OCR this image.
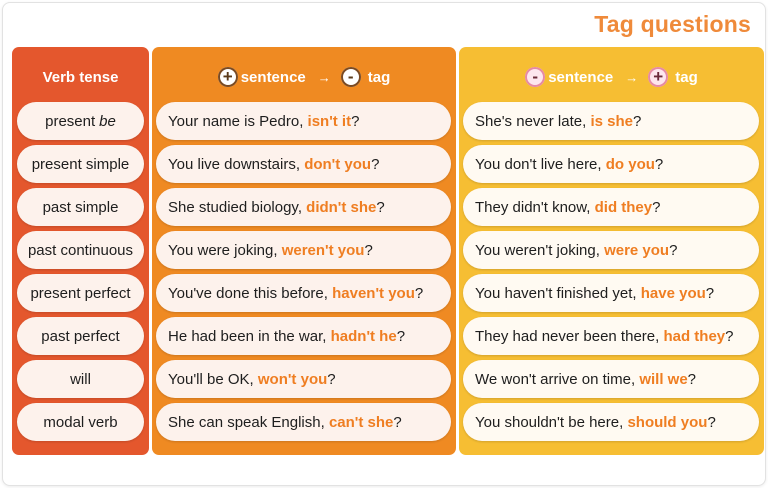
Tag questions
Verb tense
present be
present simple
past simple
past continuous
present perfect
past perfect
will
modal verb
+ sentence →	- tag
Your name is Pedro, isn't it ?
You live downstairs, don't you ?
She studied biology, didn't she ?
You were joking, weren't you ?
You've done this before, haven't you ?
He had been in the war, hadn't he ?
You'll be OK, won't you ?
She can speak English, can't she ?
- sentence → + tag
She's never late, is she ?
You don't live here, do you ?
They didn't know, did they ?
You weren't joking, were you ?
You haven't finished yet, have you ?
They had never been there, had they ?
We won't arrive on time, will we ?
You shouldn't be here, should you ?
